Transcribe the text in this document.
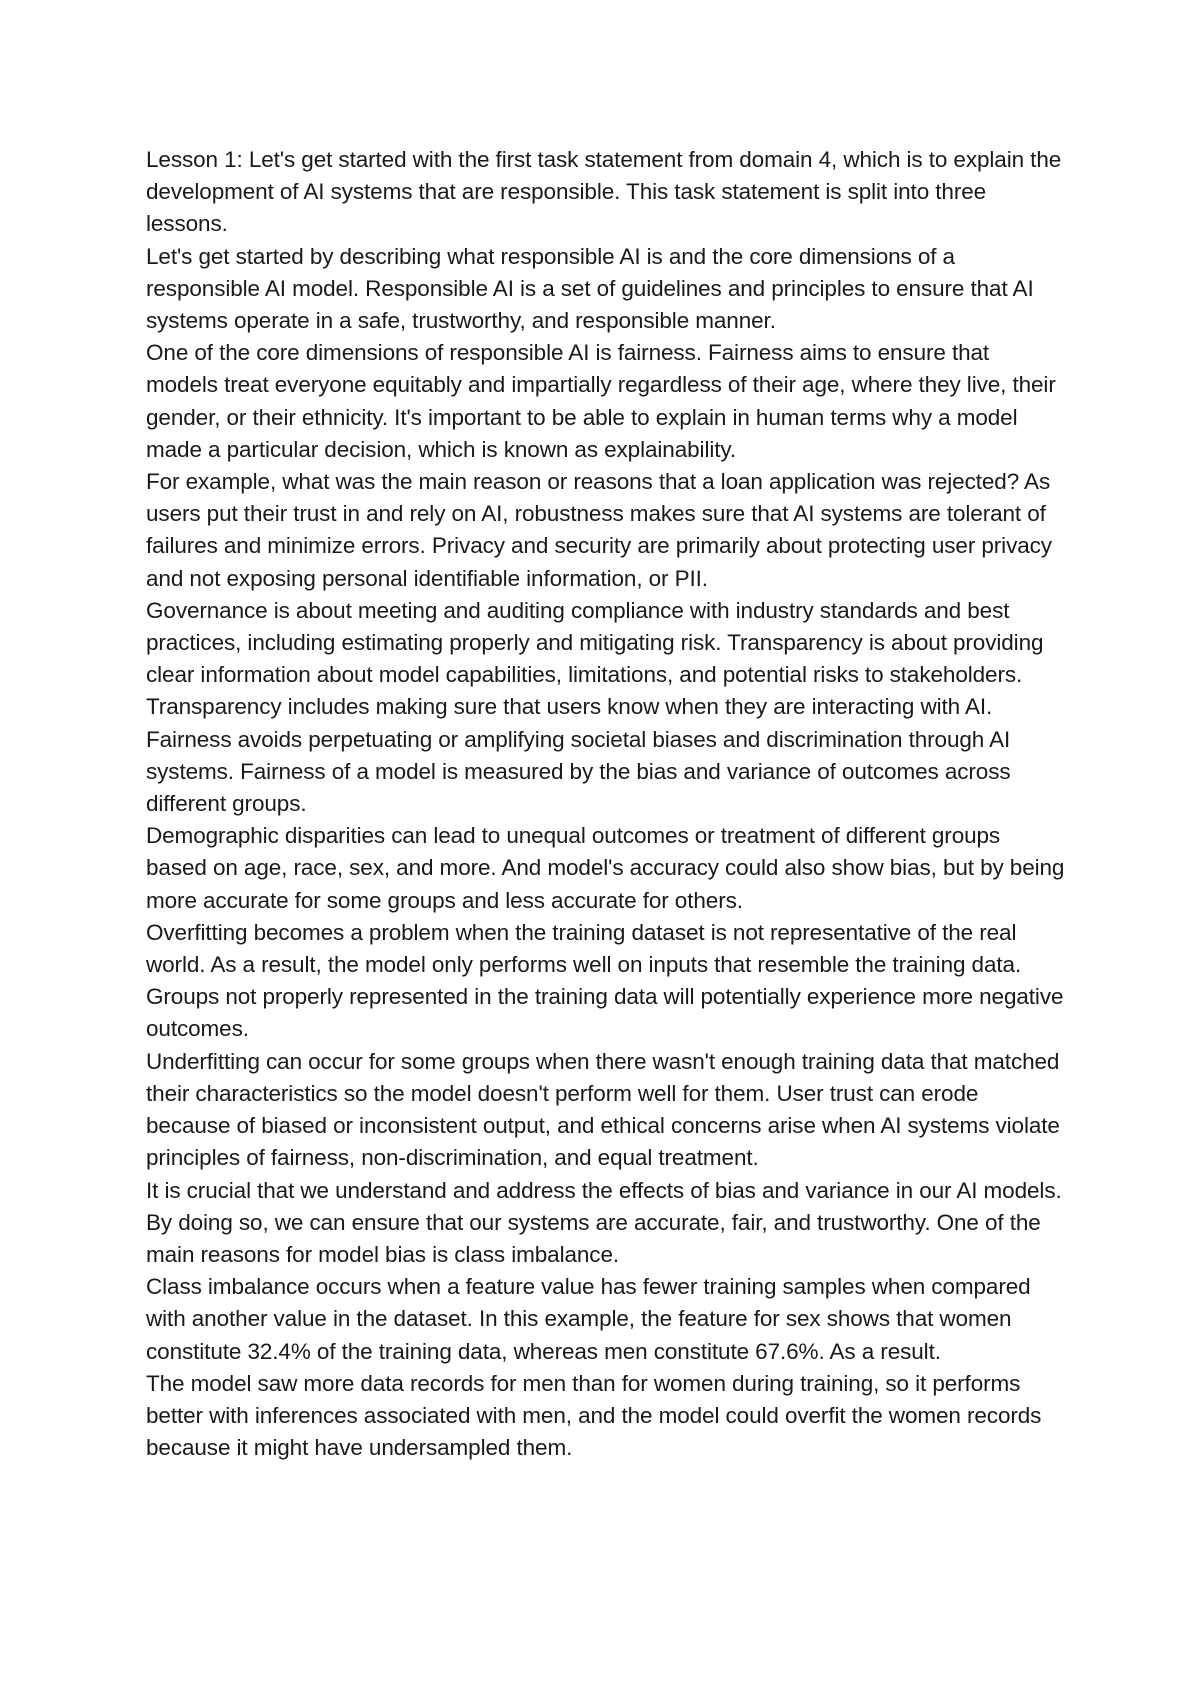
Lesson 1: Let's get started with the first task statement from domain 4, which is to explain the development of AI systems that are responsible. This task statement is split into three lessons.

Let's get started by describing what responsible AI is and the core dimensions of a responsible AI model. Responsible AI is a set of guidelines and principles to ensure that AI systems operate in a safe, trustworthy, and responsible manner.

One of the core dimensions of responsible AI is fairness. Fairness aims to ensure that models treat everyone equitably and impartially regardless of their age, where they live, their gender, or their ethnicity. It's important to be able to explain in human terms why a model made a particular decision, which is known as explainability.

For example, what was the main reason or reasons that a loan application was rejected? As users put their trust in and rely on AI, robustness makes sure that AI systems are tolerant of failures and minimize errors. Privacy and security are primarily about protecting user privacy and not exposing personal identifiable information, or PII.

Governance is about meeting and auditing compliance with industry standards and best practices, including estimating properly and mitigating risk. Transparency is about providing clear information about model capabilities, limitations, and potential risks to stakeholders.

Transparency includes making sure that users know when they are interacting with AI. Fairness avoids perpetuating or amplifying societal biases and discrimination through AI systems. Fairness of a model is measured by the bias and variance of outcomes across different groups.

Demographic disparities can lead to unequal outcomes or treatment of different groups based on age, race, sex, and more. And model's accuracy could also show bias, but by being more accurate for some groups and less accurate for others.

Overfitting becomes a problem when the training dataset is not representative of the real world. As a result, the model only performs well on inputs that resemble the training data. Groups not properly represented in the training data will potentially experience more negative outcomes.

Underfitting can occur for some groups when there wasn't enough training data that matched their characteristics so the model doesn't perform well for them. User trust can erode because of biased or inconsistent output, and ethical concerns arise when AI systems violate principles of fairness, non-discrimination, and equal treatment.

It is crucial that we understand and address the effects of bias and variance in our AI models. By doing so, we can ensure that our systems are accurate, fair, and trustworthy. One of the main reasons for model bias is class imbalance.

Class imbalance occurs when a feature value has fewer training samples when compared with another value in the dataset. In this example, the feature for sex shows that women constitute 32.4% of the training data, whereas men constitute 67.6%. As a result.

The model saw more data records for men than for women during training, so it performs better with inferences associated with men, and the model could overfit the women records because it might have undersampled them.
